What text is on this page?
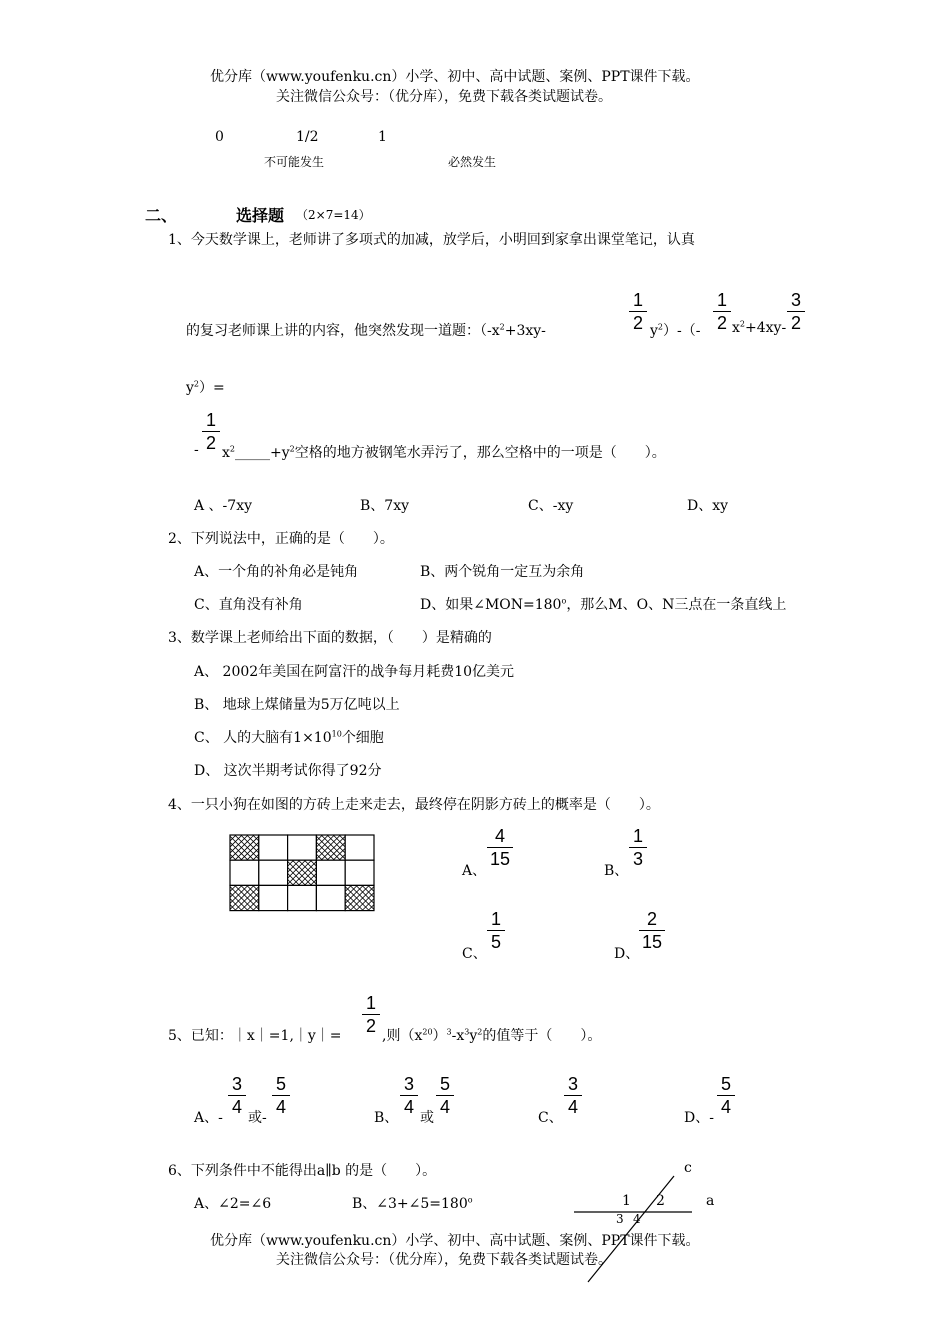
优分库（www.youfenku.cn）小学、初中、高中试题、案例、PPT课件下载。
关注微信公众号：（优分库），免费下载各类试题试卷。
0	1/2	1
不可能发生	必然发生
二、	选择题 （2×7=14）
1、今天数学课上，老师讲了多项式的加减，放学后，小明回到家拿出课堂笔记，认真
的复习老师课上讲的内容，他突然发现一道题：（$-x^2+3xy-$
1
2 $y^2)-(-$
1
2 $x^2+4xy-$
3
2
$y^2)=$
-
1
2 $x^2\_\_\_\_\_+y^2$空格的地方被钢笔水弄污了，那么空格中的一项是（　　）。
A 、-7xy	B、7xy	C、-xy	D、xy
2、下列说法中，正确的是（　　）。
A、一个角的补角必是钝角	B、两个锐角一定互为余角
C、直角没有补角	D、如果$\angle MON=180^o$，那么M、O、N三点在一条直线上
3、数学课上老师给出下面的数据，（　　）是精确的
A、 2002年美国在阿富汗的战争每月耗费10亿美元
B、 地球上煤储量为5万亿吨以上
C、 人的大脑有$1\times 10^{10}$个细胞
D、 这次半期考试你得了92分
4、一只小狗在如图的方砖上走来走去，最终停在阴影方砖上的概率是（　　）。
A、
4
15
B、
1
3
C、
1
5
D、
2
15
5、已知：｜x｜=1,｜y｜=
1
2 ,则$(x^{20})^3-x^3y^2$的值等于（　　）。
A、-
3
4
或-
5
4
B、
3
4
或
5
4
C、
3
4
D、-
5
4
6、下列条件中不能得出a∥b 的是（　　）。
A、∠2=∠6	B、$\angle 3+\angle 5=180^o$
c
a
1 2
3 4
优分库（www.youfenku.cn）小学、初中、高中试题、案例、PPT课件下载。
关注微信公众号：（优分库），免费下载各类试题试卷。
